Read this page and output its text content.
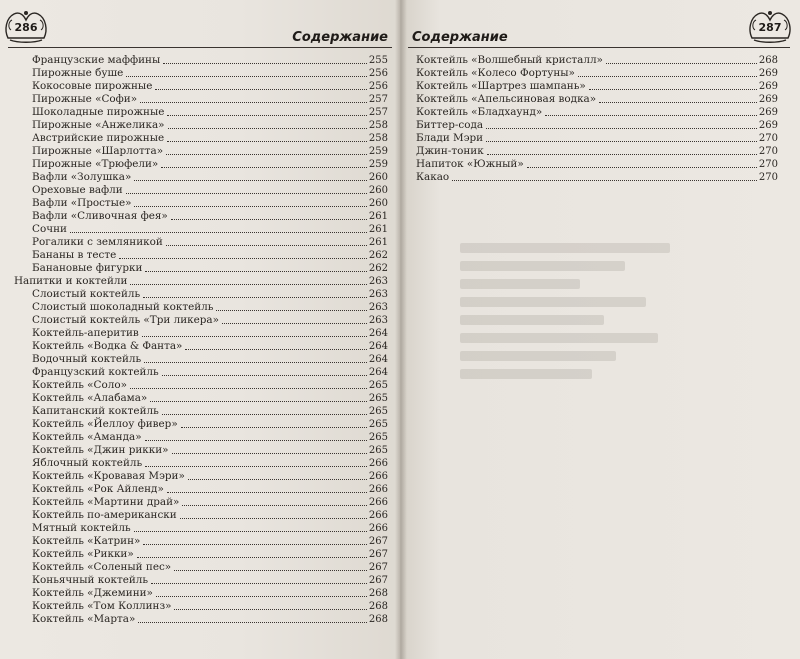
286
Содержание
Французские маффины	255
Пирожные буше	256
Кокосовые пирожные	256
Пирожные «Софи»	257
Шоколадные пирожные	257
Пирожные «Анжелика»	258
Австрийские пирожные	258
Пирожные «Шарлотта»	259
Пирожные «Трюфели»	259
Вафли «Золушка»	260
Ореховые вафли	260
Вафли «Простые»	260
Вафли «Сливочная фея»	261
Сочни	261
Рогалики с земляникой	261
Бананы в тесте	262
Банановые фигурки	262
Напитки и коктейли	263
Слоистый коктейль	263
Слоистый шоколадный коктейль	263
Слоистый коктейль «Три ликера»	263
Коктейль-аперитив	264
Коктейль «Водка & Фанта»	264
Водочный коктейль	264
Французский коктейль	264
Коктейль «Соло»	265
Коктейль «Алабама»	265
Капитанский коктейль	265
Коктейль «Йеллоу фивер»	265
Коктейль «Аманда»	265
Коктейль «Джин рикки»	265
Яблочный коктейль	266
Коктейль «Кровавая Мэри»	266
Коктейль «Рок Айленд»	266
Коктейль «Мартини драй»	266
Коктейль по-американски	266
Мятный коктейль	266
Коктейль «Катрин»	267
Коктейль «Рикки»	267
Коктейль «Соленый пес»	267
Коньячный коктейль	267
Коктейль «Джемини»	268
Коктейль «Том Коллинз»	268
Коктейль «Марта»	268
Содержание
287
Коктейль «Волшебный кристалл»	268
Коктейль «Колесо Фортуны»	269
Коктейль «Шартрез шампань»	269
Коктейль «Апельсиновая водка»	269
Коктейль «Бладхаунд»	269
Биттер-сода	269
Блади Мэри	270
Джин-тоник	270
Напиток «Южный»	270
Какао	270
